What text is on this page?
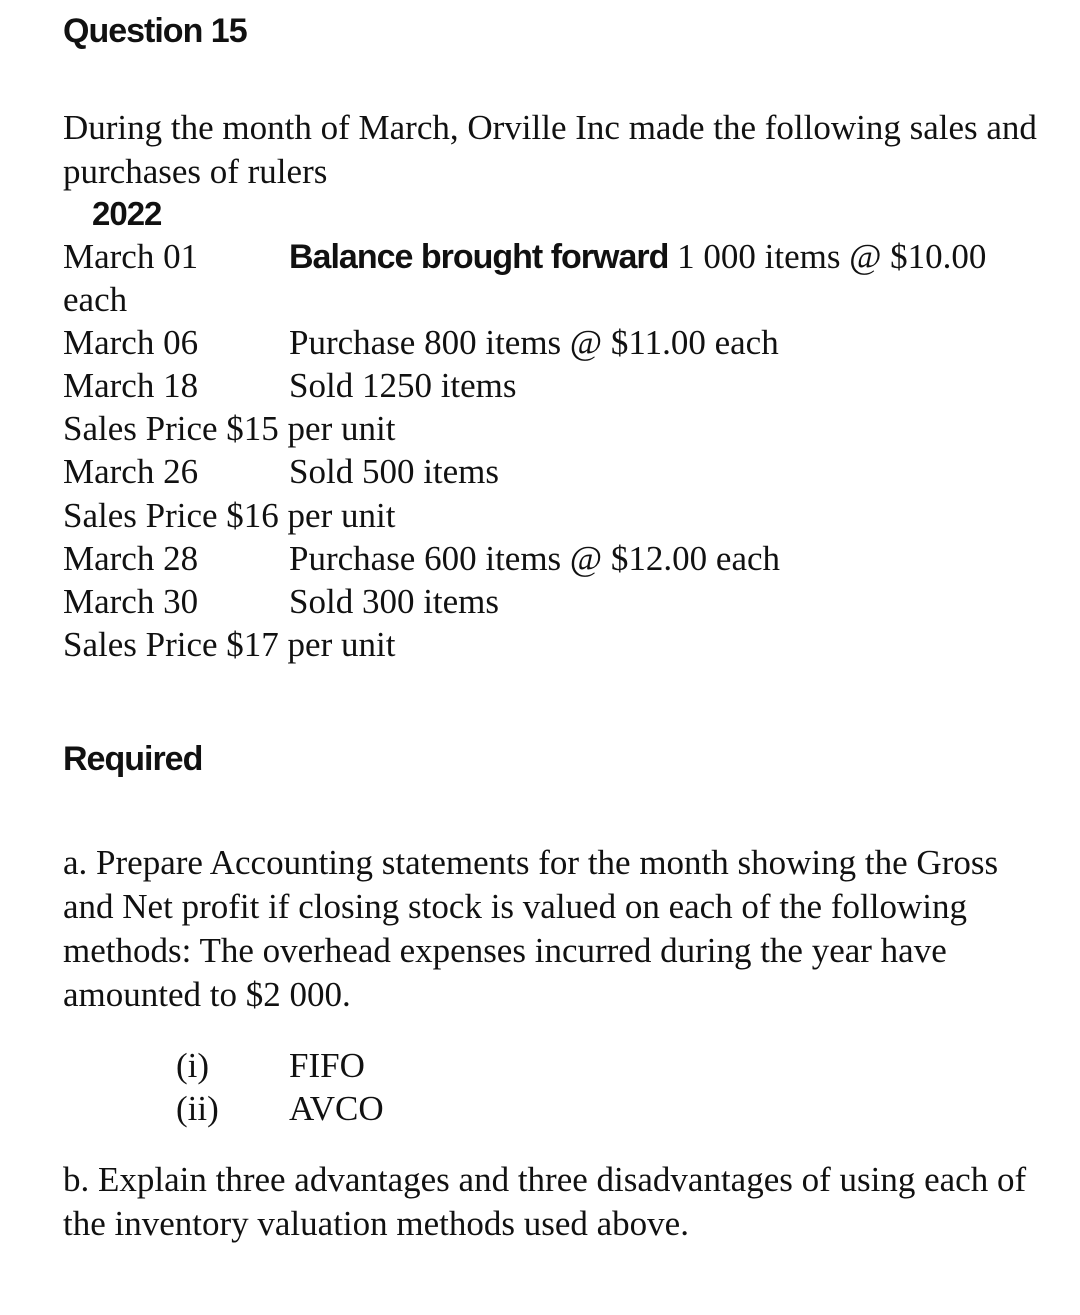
Question 15
During the month of March, Orville Inc made the following sales and purchases of rulers
2022
March 01	Balance brought forward 1 000 items @ $10.00
each
March 06	Purchase 800 items @ $11.00 each
March 18	Sold 1250 items
Sales Price $15 per unit
March 26	Sold 500 items
Sales Price $16 per unit
March 28	Purchase 600 items @ $12.00 each
March 30	Sold 300 items
Sales Price $17 per unit
Required
a. Prepare Accounting statements for the month showing the Gross and Net profit if closing stock is valued on each of the following methods: The overhead expenses incurred during the year have amounted to $2 000.
(i) FIFO
(ii) AVCO
b. Explain three advantages and three disadvantages of using each of the inventory valuation methods used above.
